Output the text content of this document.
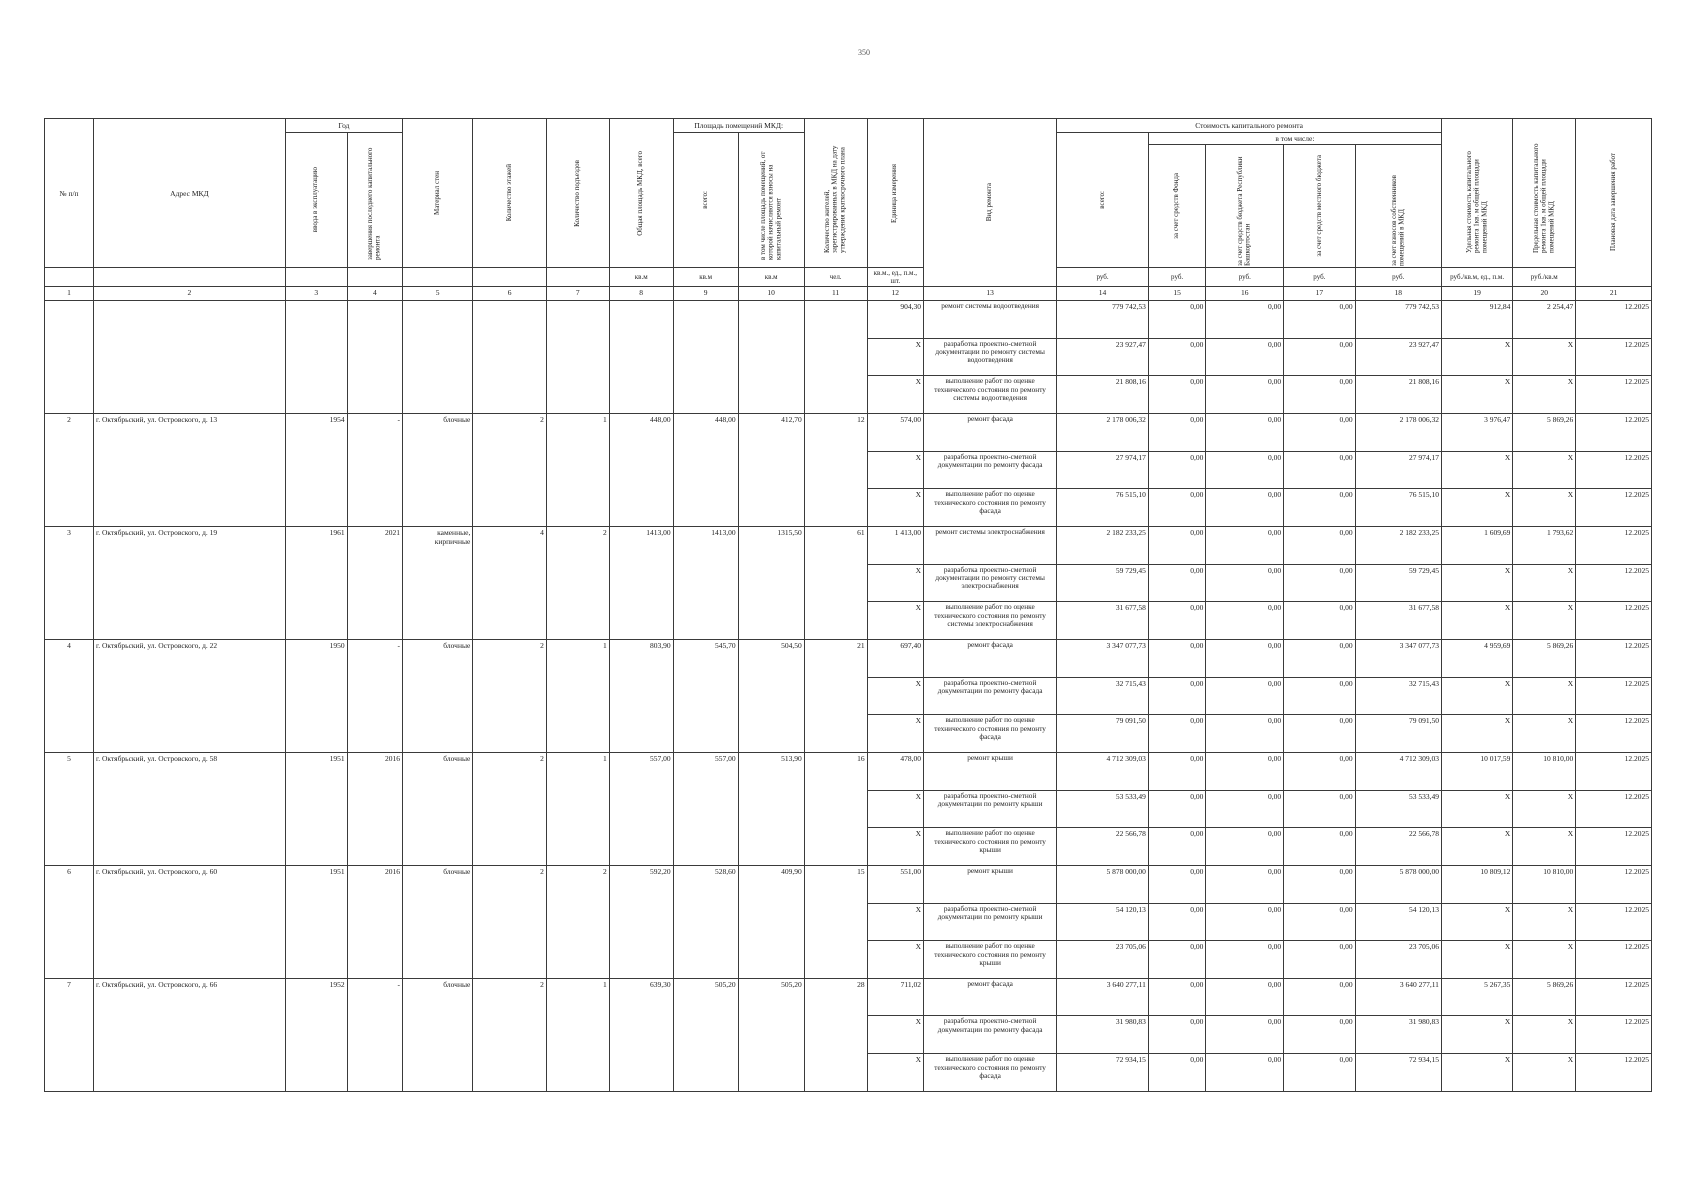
350
№ п/п	Адрес МКД	Год		Материал стен	Количество этажей	Количество подъездов	Общая площадь МКД, всего	Площадь помещений МКД:		Количество жителей, зарегистрированных в МКД на дату утверждения краткосрочного плана	Единица измерения	Вид ремонта	Стоимость капитального ремонта					Удельная стоимость капитального ремонта 1кв. м общей площади помещений МКД	Предельная стоимость капитального ремонта 1кв. м общей площади помещений МКД	Плановая дата завершения работ

		ввода в эксплуатацию	завершения последнего капитального ремонта					всего:	в том числе площадь помещений, от которой начисляются взносы на капитальный ремонт				всего:	в том числе:						

														за счет средств Фонда	за счет средств бюджета Республики Башкортостан	за счет средств местного бюджета	за счет взносов собственников помещений в МКД			

							кв.м	кв.м	кв.м	чел.	кв.м., ед., п.м., шт.		руб.	руб.	руб.	руб.	руб.	руб./кв.м, ед., п.м.	руб./кв.м	
1	2	3	4	5	6	7	8	9	10	11	12	13	14	15	16	17	18	19	20	21
											904,30	ремонт системы водоотведения	779 742,53	0,00	0,00	0,00	779 742,53	912,84	2 254,47	12.2025
											X	разработка проектно-сметной документации по ремонту системы водоотведения	23 927,47	0,00	0,00	0,00	23 927,47	X	X	12.2025
											X	выполнение работ по оценке технического состояния по ремонту системы водоотведения	21 808,16	0,00	0,00	0,00	21 808,16	X	X	12.2025
2	г. Октябрьский, ул. Островского, д. 13	1954	-	блочные	2	1	448,00	448,00	412,70	12	574,00	ремонт фасада	2 178 006,32	0,00	0,00	0,00	2 178 006,32	3 976,47	5 869,26	12.2025
											X	разработка проектно-сметной документации по ремонту фасада	27 974,17	0,00	0,00	0,00	27 974,17	X	X	12.2025
											X	выполнение работ по оценке технического состояния по ремонту фасада	76 515,10	0,00	0,00	0,00	76 515,10	X	X	12.2025
3	г. Октябрьский, ул. Островского, д. 19	1961	2021	каменные, кирпичные	4	2	1413,00	1413,00	1315,50	61	1 413,00	ремонт системы электроснабжения	2 182 233,25	0,00	0,00	0,00	2 182 233,25	1 609,69	1 793,62	12.2025
											X	разработка проектно-сметной документации по ремонту системы электроснабжения	59 729,45	0,00	0,00	0,00	59 729,45	X	X	12.2025
											X	выполнение работ по оценке технического состояния по ремонту системы электроснабжения	31 677,58	0,00	0,00	0,00	31 677,58	X	X	12.2025
4	г. Октябрьский, ул. Островского, д. 22	1950	-	блочные	2	1	803,90	545,70	504,50	21	697,40	ремонт фасада	3 347 077,73	0,00	0,00	0,00	3 347 077,73	4 959,69	5 869,26	12.2025
											X	разработка проектно-сметной документации по ремонту фасада	32 715,43	0,00	0,00	0,00	32 715,43	X	X	12.2025
											X	выполнение работ по оценке технического состояния по ремонту фасада	79 091,50	0,00	0,00	0,00	79 091,50	X	X	12.2025
5	г. Октябрьский, ул. Островского, д. 58	1951	2016	блочные	2	1	557,00	557,00	513,90	16	478,00	ремонт крыши	4 712 309,03	0,00	0,00	0,00	4 712 309,03	10 017,59	10 810,00	12.2025
											X	разработка проектно-сметной документации по ремонту крыши	53 533,49	0,00	0,00	0,00	53 533,49	X	X	12.2025
											X	выполнение работ по оценке технического состояния по ремонту крыши	22 566,78	0,00	0,00	0,00	22 566,78	X	X	12.2025
6	г. Октябрьский, ул. Островского, д. 60	1951	2016	блочные	2	2	592,20	528,60	409,90	15	551,00	ремонт крыши	5 878 000,00	0,00	0,00	0,00	5 878 000,00	10 809,12	10 810,00	12.2025
											X	разработка проектно-сметной документации по ремонту крыши	54 120,13	0,00	0,00	0,00	54 120,13	X	X	12.2025
											X	выполнение работ по оценке технического состояния по ремонту крыши	23 705,06	0,00	0,00	0,00	23 705,06	X	X	12.2025
7	г. Октябрьский, ул. Островского, д. 66	1952	-	блочные	2	1	639,30	505,20	505,20	28	711,02	ремонт фасада	3 640 277,11	0,00	0,00	0,00	3 640 277,11	5 267,35	5 869,26	12.2025
											X	разработка проектно-сметной документации по ремонту фасада	31 980,83	0,00	0,00	0,00	31 980,83	X	X	12.2025
											X	выполнение работ по оценке технического состояния по ремонту фасада	72 934,15	0,00	0,00	0,00	72 934,15	X	X	12.2025
